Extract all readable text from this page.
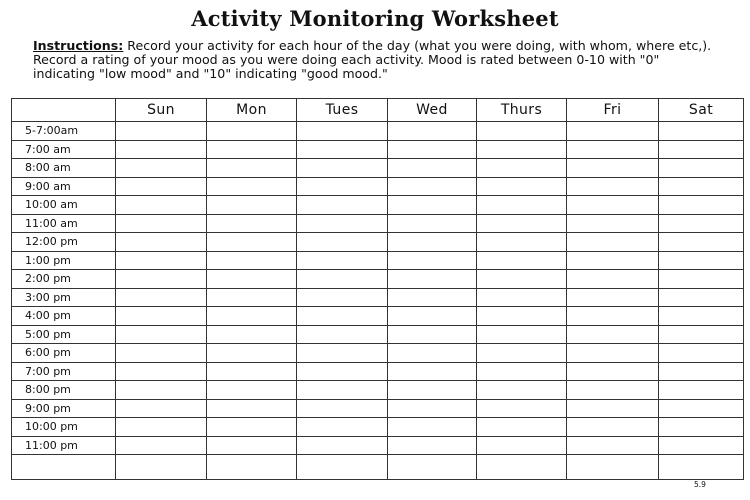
Activity Monitoring Worksheet
Instructions: Record your activity for each hour of the day (what you were doing, with whom, where etc,). Record a rating of your mood as you were doing each activity. Mood is rated between 0-10 with "0" indicating "low mood" and "10" indicating "good mood."
	Sun	Mon	Tues	Wed	Thurs	Fri	Sat
5-7:00am							
7:00 am							
8:00 am							
9:00 am							
10:00 am							
11:00 am							
12:00 pm							
1:00 pm							
2:00 pm							
3:00 pm							
4:00 pm							
5:00 pm							
6:00 pm							
7:00 pm							
8:00 pm							
9:00 pm							
10:00 pm							
11:00 pm							

5.9
